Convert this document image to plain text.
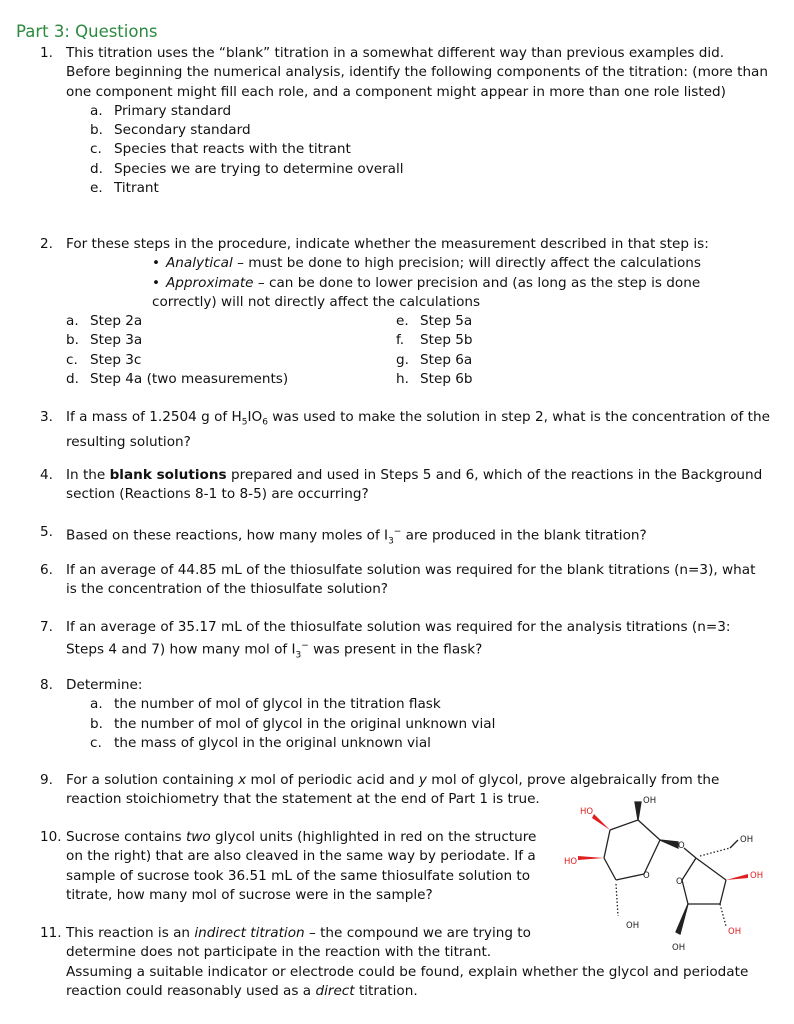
Part 3: Questions
1. This titration uses the “blank” titration in a somewhat different way than previous examples did. Before beginning the numerical analysis, identify the following components of the titration: (more than one component might fill each role, and a component might appear in more than one role listed)
a. Primary standard
b. Secondary standard
c. Species that reacts with the titrant
d. Species we are trying to determine overall
e. Titrant
2. For these steps in the procedure, indicate whether the measurement described in that step is:
• Analytical – must be done to high precision; will directly affect the calculations
• Approximate – can be done to lower precision and (as long as the step is done correctly) will not directly affect the calculations
a. Step 2a
b. Step 3a
c. Step 3c
d. Step 4a (two measurements)
e. Step 5a
f. Step 5b
g. Step 6a
h. Step 6b
3. If a mass of 1.2504 g of $H_5IO_6$ was used to make the solution in step 2, what is the concentration of the resulting solution?
4. In the blank solutions prepared and used in Steps 5 and 6, which of the reactions in the Background section (Reactions 8-1 to 8-5) are occurring?
5. Based on these reactions, how many moles of $I_3^-$ are produced in the blank titration?
6. If an average of 44.85 mL of the thiosulfate solution was required for the blank titrations (n=3), what is the concentration of the thiosulfate solution?
7. If an average of 35.17 mL of the thiosulfate solution was required for the analysis titrations (n=3: Steps 4 and 7) how many mol of $I_3^-$ was present in the flask?
8. Determine:
a. the number of mol of glycol in the titration flask
b. the number of mol of glycol in the original unknown vial
c. the mass of glycol in the original unknown vial
9. For a solution containing x mol of periodic acid and y mol of glycol, prove algebraically from the reaction stoichiometry that the statement at the end of Part 1 is true.
10. Sucrose contains two glycol units (highlighted in red on the structure on the right) that are also cleaved in the same way by periodate. If a sample of sucrose took 36.51 mL of the same thiosulfate solution to titrate, how many mol of sucrose were in the sample?
11. This reaction is an indirect titration – the compound we are trying to determine does not participate in the reaction with the titrant.
Assuming a suitable indicator or electrode could be found, explain whether the glycol and periodate reaction could reasonably used as a direct titration.
HO
OH
HO
OH
O
O
O
OH
OH
OH
OH
